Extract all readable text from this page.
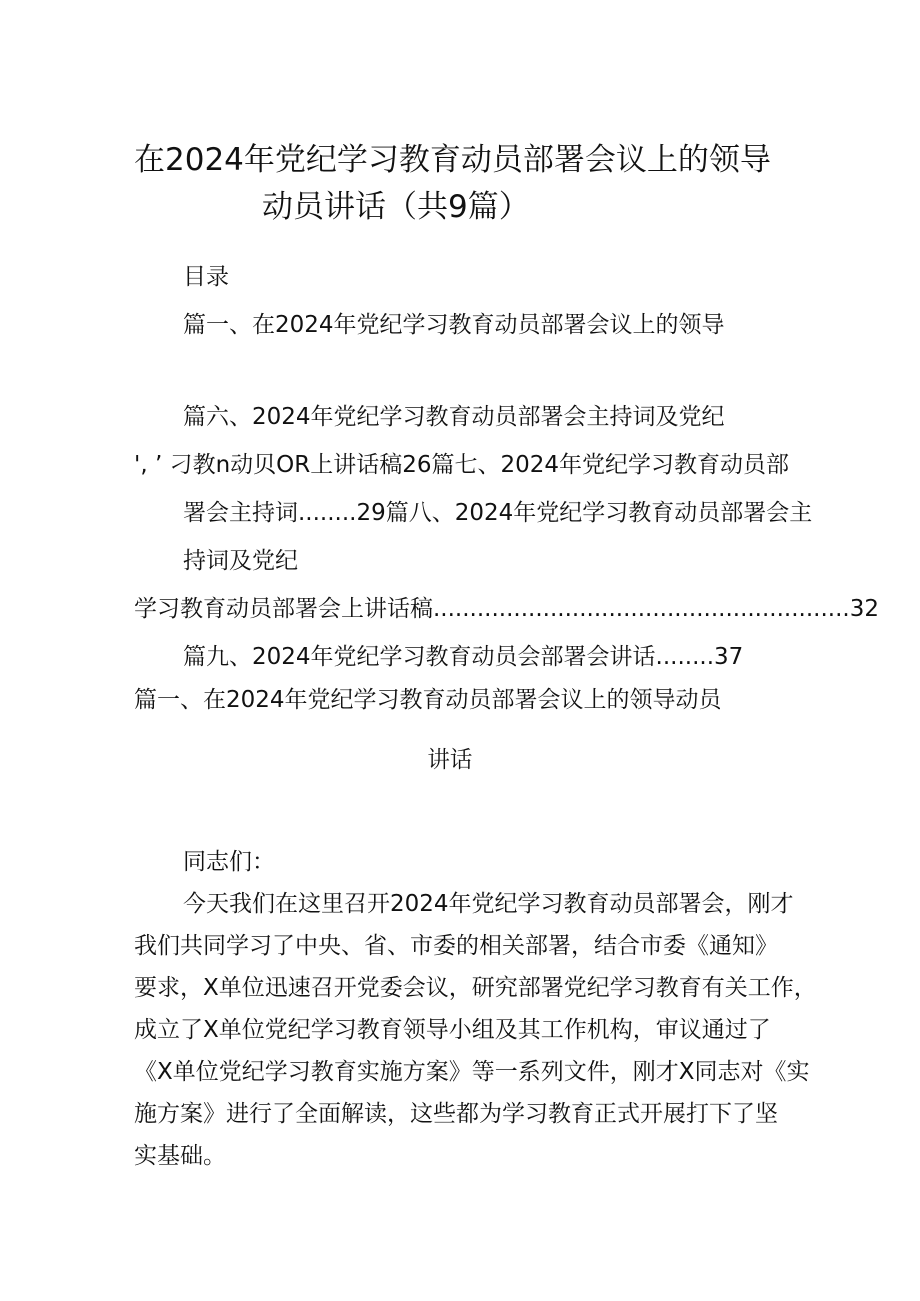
在2024年党纪学习教育动员部署会议上的领导
动员讲话（共9篇）
目录
篇一、在2024年党纪学习教育动员部署会议上的领导
篇六、2024年党纪学习教育动员部署会主持词及党纪
', ’ 刁教n动贝OR上讲话稿26篇七、2024年党纪学习教育动员部
署会主持词........29篇八、2024年党纪学习教育动员部署会主
持词及党纪
学习教育动员部署会上讲话稿.........................................................32
篇九、2024年党纪学习教育动员会部署会讲话........37
篇一、在2024年党纪学习教育动员部署会议上的领导动员
讲话
同志们：
今天我们在这里召开2024年党纪学习教育动员部署会，刚才
我们共同学习了中央、省、市委的相关部署，结合市委《通知》
要求，X单位迅速召开党委会议，研究部署党纪学习教育有关工作，
成立了X单位党纪学习教育领导小组及其工作机构，审议通过了
《X单位党纪学习教育实施方案》等一系列文件，刚才X同志对《实
施方案》进行了全面解读，这些都为学习教育正式开展打下了坚
实基础。
